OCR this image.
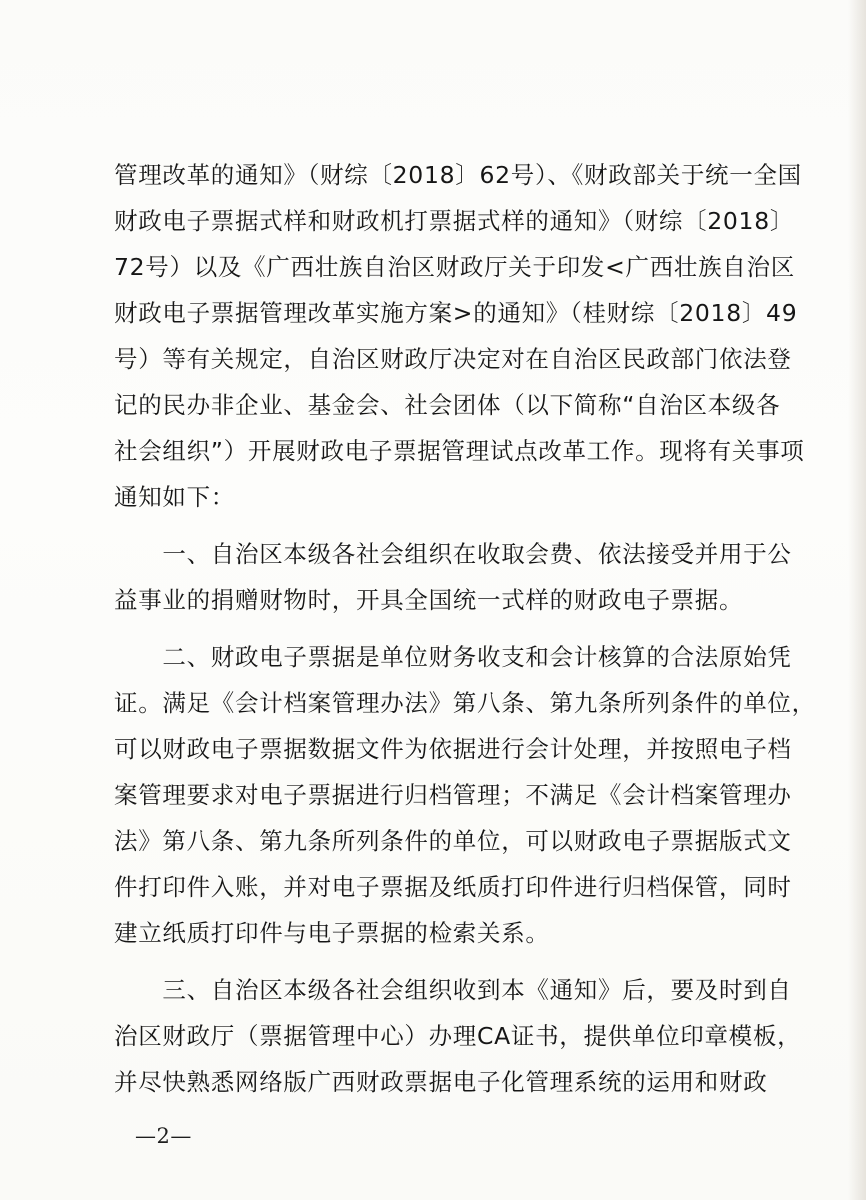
管理改革的通知》（财综〔2018〕62号）、《财政部关于统一全国
财政电子票据式样和财政机打票据式样的通知》（财综〔2018〕
72号）以及《广西壮族自治区财政厅关于印发<广西壮族自治区
财政电子票据管理改革实施方案>的通知》（桂财综〔2018〕49
号）等有关规定，自治区财政厅决定对在自治区民政部门依法登
记的民办非企业、基金会、社会团体（以下简称“自治区本级各
社会组织”）开展财政电子票据管理试点改革工作。现将有关事项
通知如下：
　　一、自治区本级各社会组织在收取会费、依法接受并用于公
益事业的捐赠财物时，开具全国统一式样的财政电子票据。
　　二、财政电子票据是单位财务收支和会计核算的合法原始凭
证。满足《会计档案管理办法》第八条、第九条所列条件的单位，
可以财政电子票据数据文件为依据进行会计处理，并按照电子档
案管理要求对电子票据进行归档管理；不满足《会计档案管理办
法》第八条、第九条所列条件的单位，可以财政电子票据版式文
件打印件入账，并对电子票据及纸质打印件进行归档保管，同时
建立纸质打印件与电子票据的检索关系。
　　三、自治区本级各社会组织收到本《通知》后，要及时到自
治区财政厅（票据管理中心）办理CA证书，提供单位印章模板，
并尽快熟悉网络版广西财政票据电子化管理系统的运用和财政
—2—
